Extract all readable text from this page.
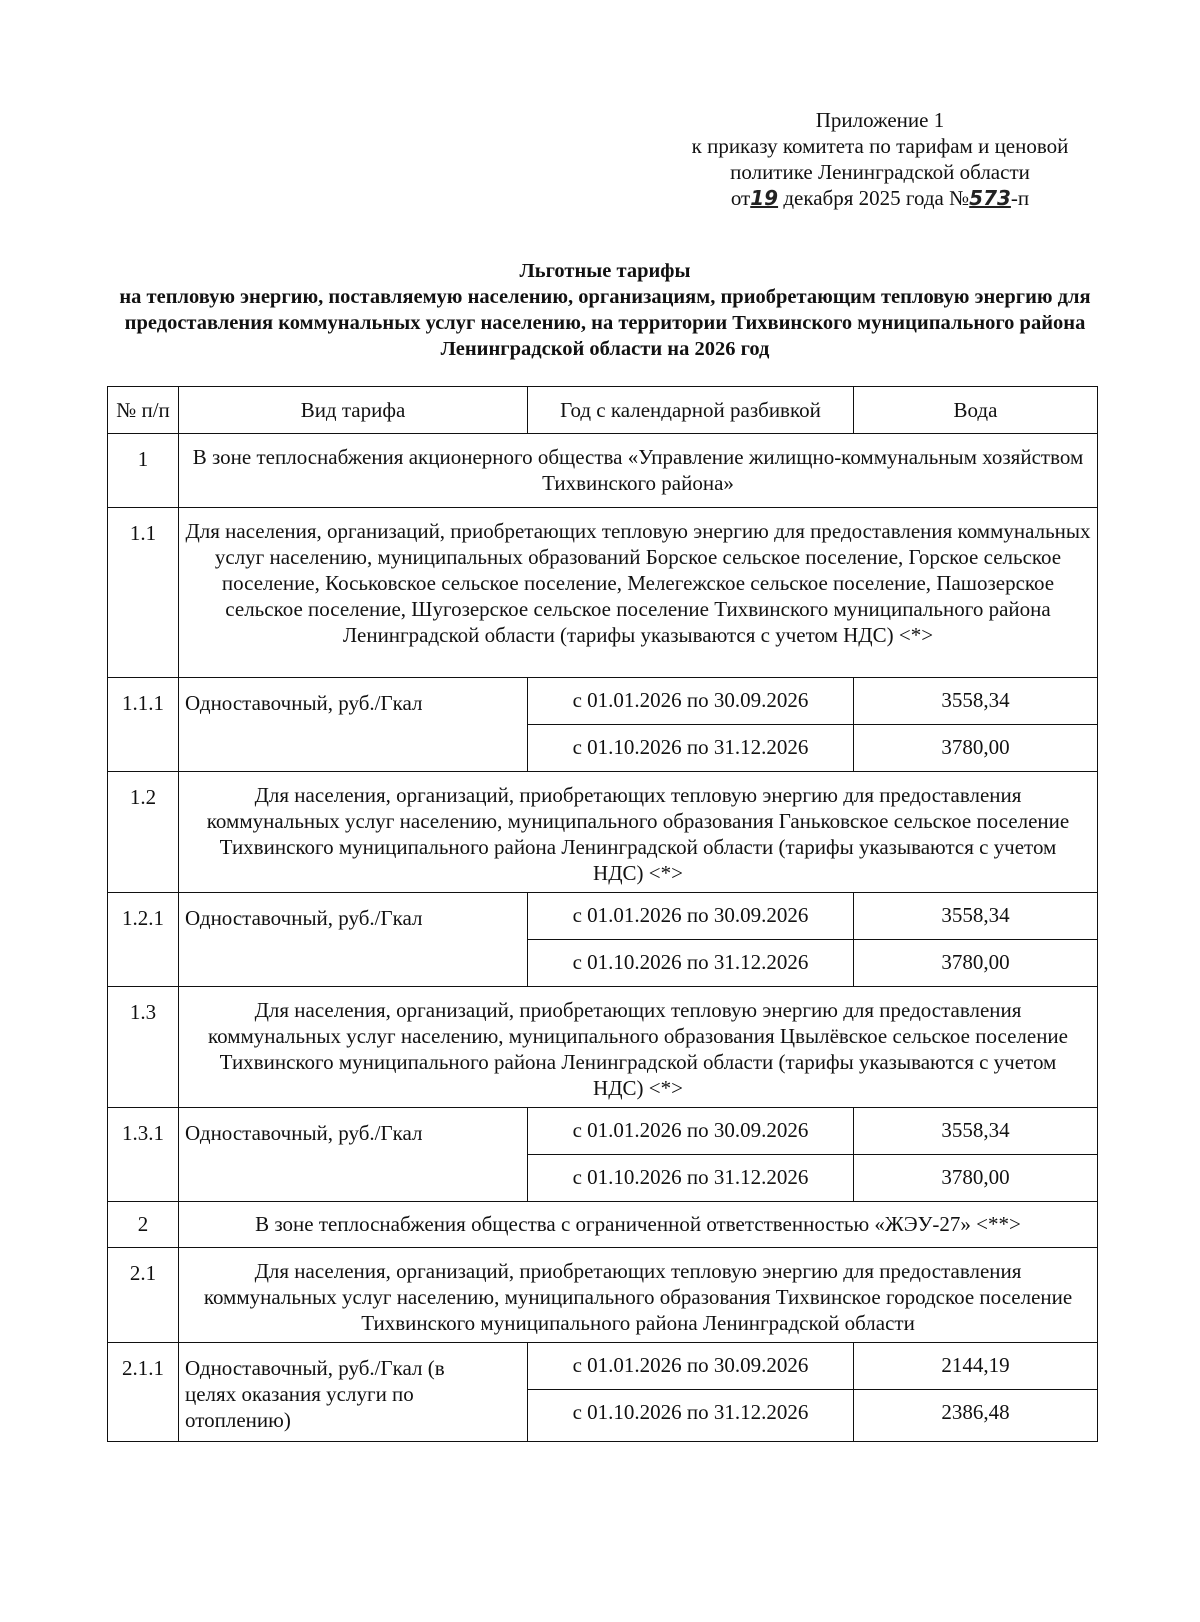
Приложение 1
к приказу комитета по тарифам и ценовой
политике Ленинградской области
от19 декабря 2025 года №573-п
Льготные тарифы
на тепловую энергию, поставляемую населению, организациям, приобретающим тепловую энергию для предоставления коммунальных услуг населению, на территории Тихвинского муниципального района Ленинградской области на 2026 год
№ п/п	Вид тарифа	Год с календарной разбивкой	Вода
1	В зоне теплоснабжения акционерного общества «Управление жилищно-коммунальным хозяйством Тихвинского района»		
1.1	Для населения, организаций, приобретающих тепловую энергию для предоставления коммунальных услуг населению, муниципальных образований Борское сельское поселение, Горское сельское поселение, Коськовское сельское поселение, Мелегежское сельское поселение, Пашозерское сельское поселение, Шугозерское сельское поселение Тихвинского муниципального района Ленинградской области (тарифы указываются с учетом НДС) <*>		
1.1.1	Одноставочный, руб./Гкал	с 01.01.2026 по 30.09.2026	3558,34
		с 01.10.2026 по 31.12.2026	3780,00
1.2	Для населения, организаций, приобретающих тепловую энергию для предоставления коммунальных услуг населению, муниципального образования Ганьковское сельское поселение Тихвинского муниципального района Ленинградской области (тарифы указываются с учетом НДС) <*>		
1.2.1	Одноставочный, руб./Гкал	с 01.01.2026 по 30.09.2026	3558,34
		с 01.10.2026 по 31.12.2026	3780,00
1.3	Для населения, организаций, приобретающих тепловую энергию для предоставления коммунальных услуг населению, муниципального образования Цвылёвское сельское поселение Тихвинского муниципального района Ленинградской области (тарифы указываются с учетом НДС) <*>		
1.3.1	Одноставочный, руб./Гкал	с 01.01.2026 по 30.09.2026	3558,34
		с 01.10.2026 по 31.12.2026	3780,00
2	В зоне теплоснабжения общества с ограниченной ответственностью «ЖЭУ-27» <**>		
2.1	Для населения, организаций, приобретающих тепловую энергию для предоставления коммунальных услуг населению, муниципального образования Тихвинское городское поселение Тихвинского муниципального района Ленинградской области		
2.1.1	Одноставочный, руб./Гкал (в целях оказания услуги по отоплению)	с 01.01.2026 по 30.09.2026	2144,19
		с 01.10.2026 по 31.12.2026	2386,48
